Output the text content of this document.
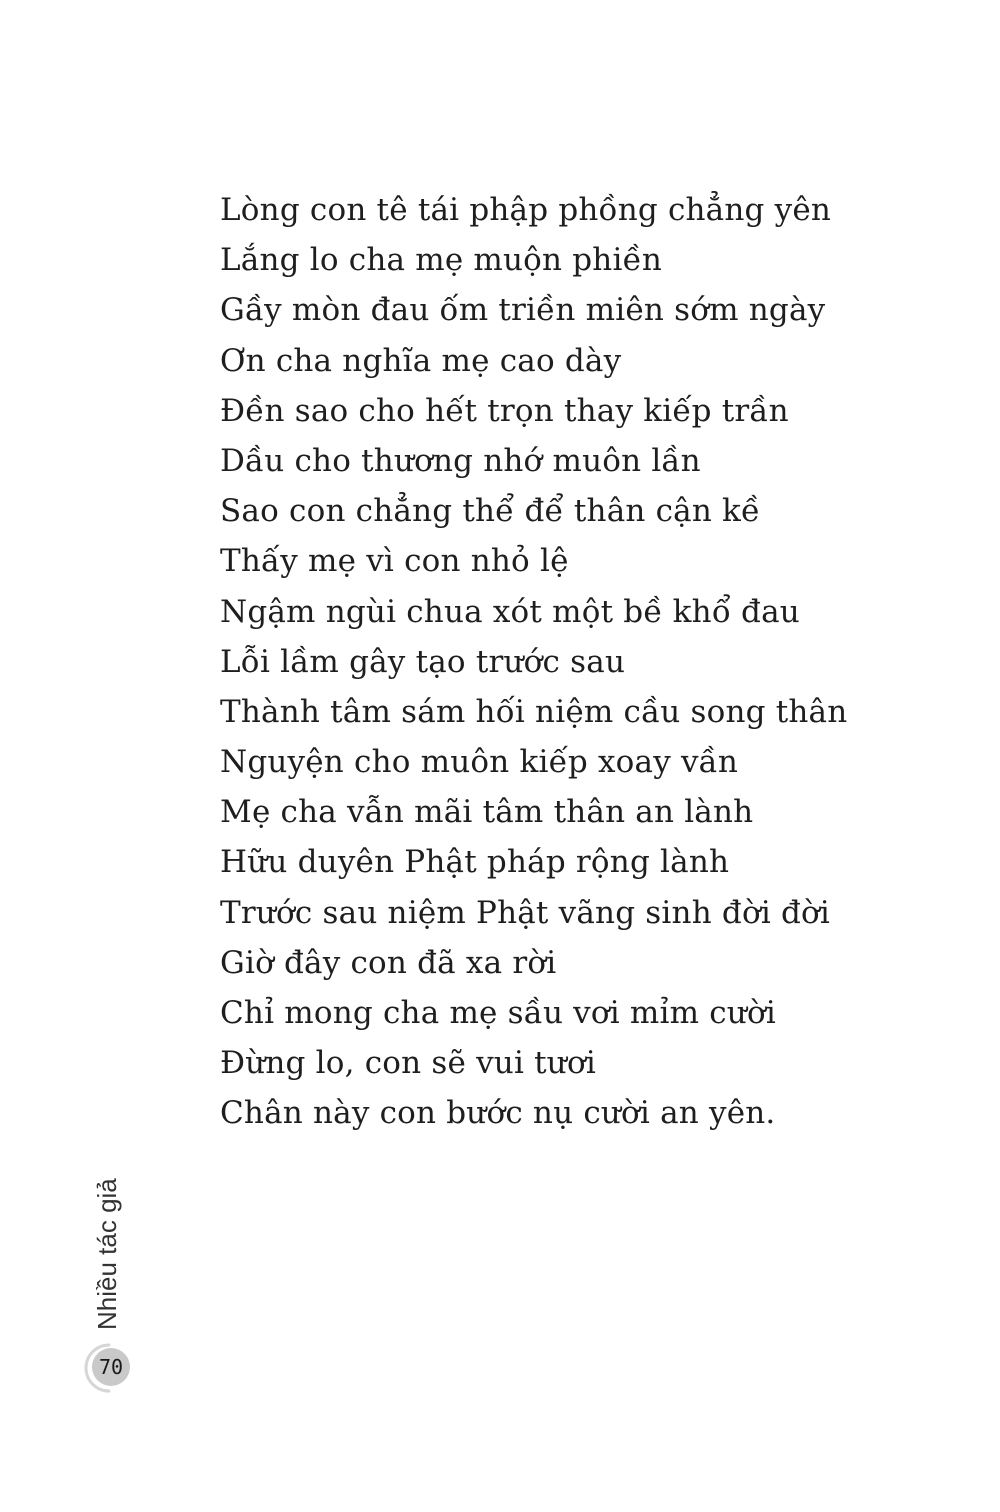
Lòng con tê tái phập phồng chẳng yên
Lắng lo cha mẹ muộn phiền
Gầy mòn đau ốm triền miên sớm ngày
Ơn cha nghĩa mẹ cao dày
Đền sao cho hết trọn thay kiếp trần
Dầu cho thương nhớ muôn lần
Sao con chẳng thể để thân cận kề
Thấy mẹ vì con nhỏ lệ
Ngậm ngùi chua xót một bề khổ đau
Lỗi lầm gây tạo trước sau
Thành tâm sám hối niệm cầu song thân
Nguyện cho muôn kiếp xoay vần
Mẹ cha vẫn mãi tâm thân an lành
Hữu duyên Phật pháp rộng lành
Trước sau niệm Phật vãng sinh đời đời
Giờ đây con đã xa rời
Chỉ mong cha mẹ sầu vơi mỉm cười
Đừng lo, con sẽ vui tươi
Chân này con bước nụ cười an yên.
Nhiều tác giả
70
